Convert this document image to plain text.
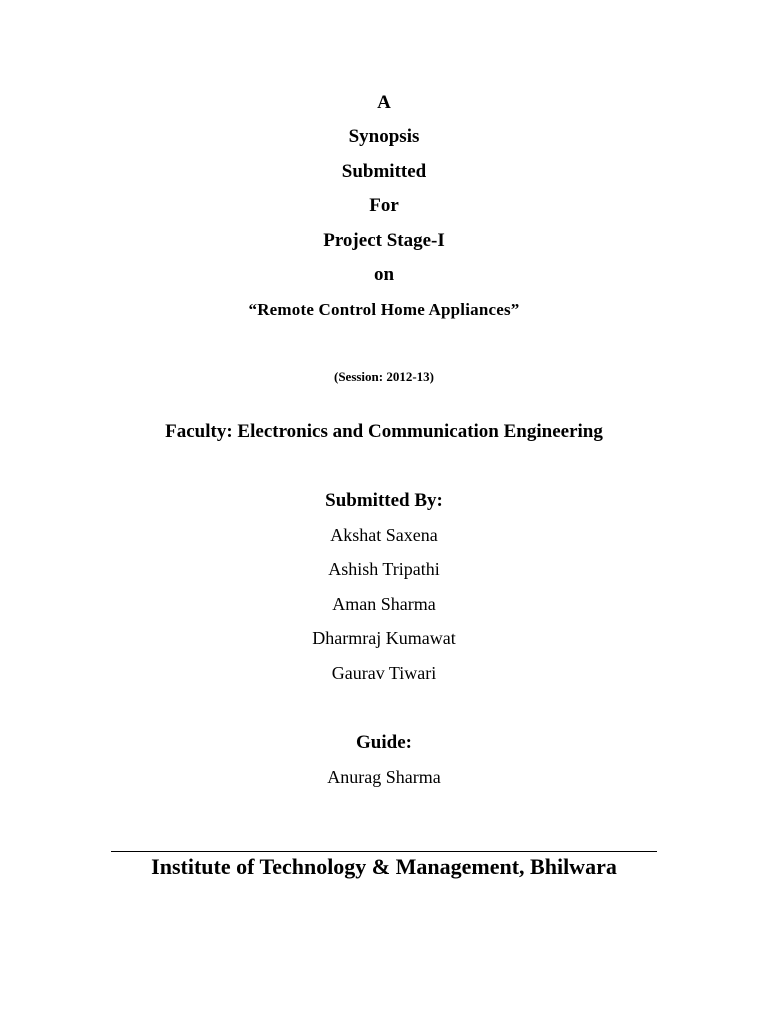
A
Synopsis
Submitted
For
Project Stage-I
on
“Remote Control Home Appliances”
(Session: 2012-13)
Faculty: Electronics and Communication Engineering
Submitted By:
Akshat Saxena
Ashish Tripathi
Aman Sharma
Dharmraj Kumawat
Gaurav Tiwari
Guide:
Anurag Sharma
Institute of Technology & Management, Bhilwara
